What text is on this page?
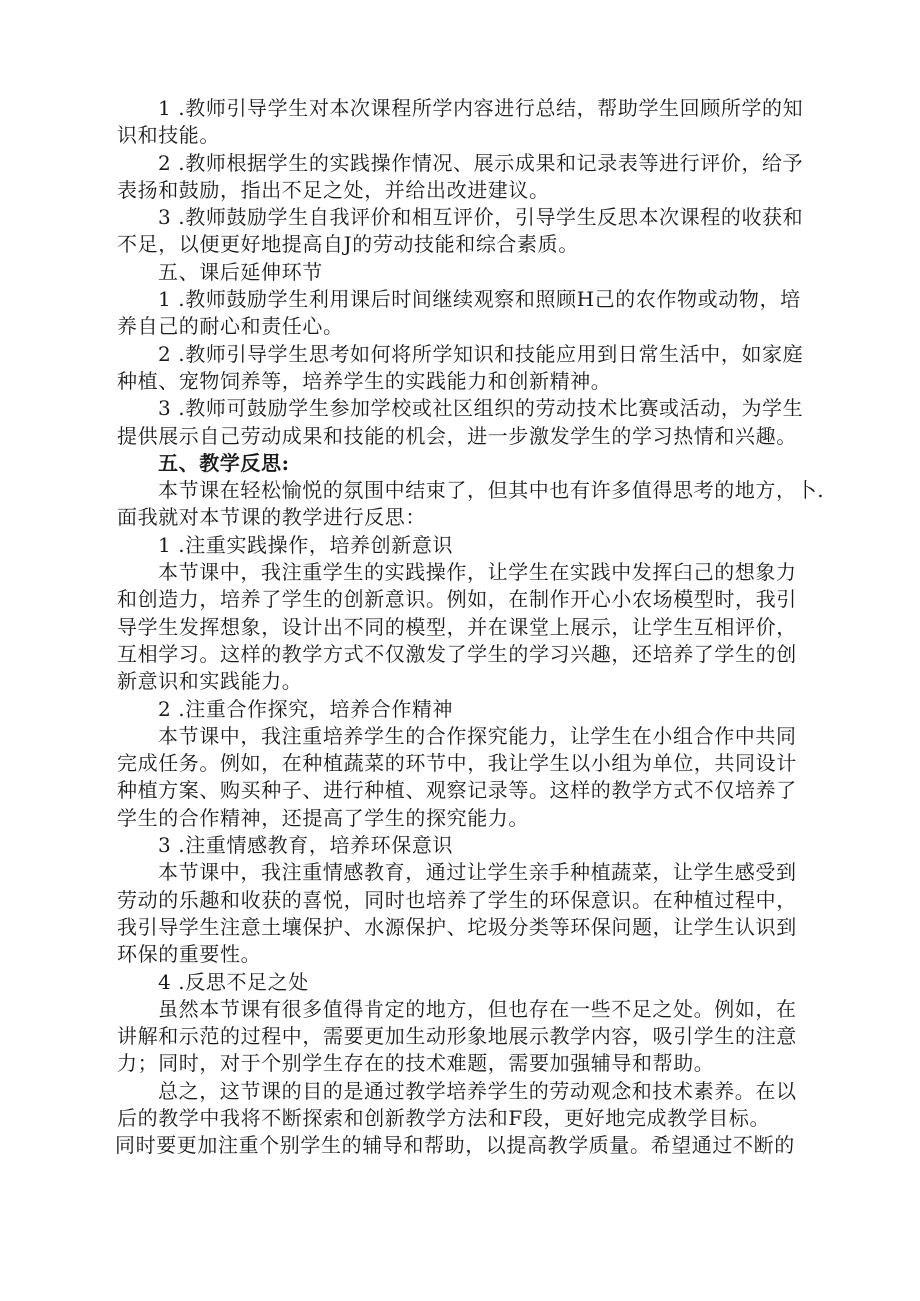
1 .教师引导学生对本次课程所学内容进行总结，帮助学生回顾所学的知
识和技能。
2 .教师根据学生的实践操作情况、展示成果和记录表等进行评价，给予
表扬和鼓励，指出不足之处，并给出改进建议。
3 .教师鼓励学生自我评价和相互评价，引导学生反思本次课程的收获和
不足，以便更好地提高自J的劳动技能和综合素质。
五、课后延伸环节
1 .教师鼓励学生利用课后时间继续观察和照顾H己的农作物或动物，培
养自己的耐心和责任心。
2 .教师引导学生思考如何将所学知识和技能应用到日常生活中，如家庭
种植、宠物饲养等，培养学生的实践能力和创新精神。
3 .教师可鼓励学生参加学校或社区组织的劳动技术比赛或活动，为学生
提供展示自己劳动成果和技能的机会，进一步激发学生的学习热情和兴趣。
五、教学反思:
本节课在轻松愉悦的氛围中结束了，但其中也有许多值得思考的地方，卜.
面我就对本节课的教学进行反思：
1 .注重实践操作，培养创新意识
本节课中，我注重学生的实践操作，让学生在实践中发挥臼己的想象力
和创造力，培养了学生的创新意识。例如，在制作开心小农场模型时，我引
导学生发挥想象，设计出不同的模型，并在课堂上展示，让学生互相评价，
互相学习。这样的教学方式不仅激发了学生的学习兴趣，还培养了学生的创
新意识和实践能力。
2 .注重合作探究，培养合作精神
本节课中，我注重培养学生的合作探究能力，让学生在小组合作中共同
完成任务。例如，在种植蔬菜的环节中，我让学生以小组为单位，共同设计
种植方案、购买种子、进行种植、观察记录等。这样的教学方式不仅培养了
学生的合作精神，还提高了学生的探究能力。
3 .注重情感教育，培养环保意识
本节课中，我注重情感教育，通过让学生亲手种植蔬菜，让学生感受到
劳动的乐趣和收获的喜悦，同时也培养了学生的环保意识。在种植过程中，
我引导学生注意土壤保护、水源保护、坨圾分类等环保问题，让学生认识到
环保的重要性。
4 .反思不足之处
虽然本节课有很多值得肯定的地方，但也存在一些不足之处。例如，在
讲解和示范的过程中，需要更加生动形象地展示教学内容，吸引学生的注意
力；同时，对于个别学生存在的技术难题，需要加强辅导和帮助。
总之，这节课的目的是通过教学培养学生的劳动观念和技术素养。在以
后的教学中我将不断探索和创新教学方法和F段，更好地完成教学目标。
同时要更加注重个别学生的辅导和帮助，以提高教学质量。希望通过不断的
